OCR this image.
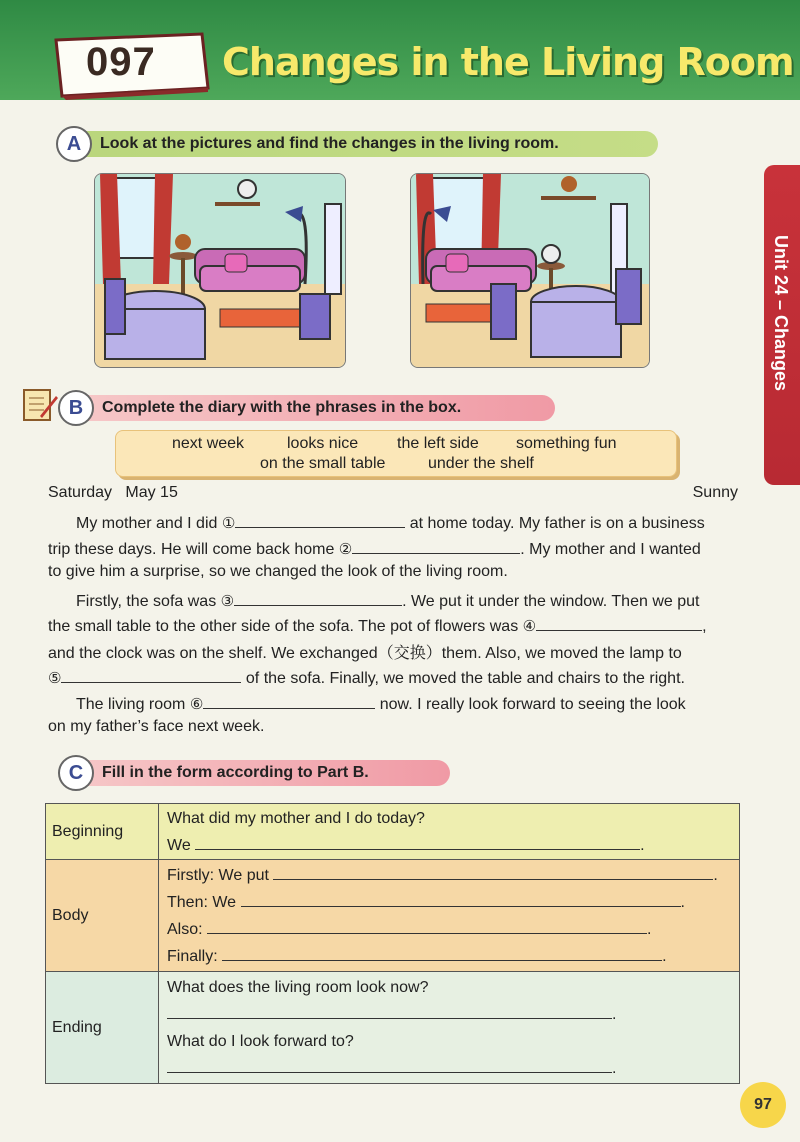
097 Changes in the Living Room
Unit 24 – Changes
A	Look at the pictures and find the changes in the living room.
B	Complete the diary with the phrases in the box.
next week	looks nice the left side something fun
on the small table	under the shelf
Saturday   May 15	Sunny
My mother and I did ①	at home today. My father is on a business
trip these days. He will come back home ②	. My mother and I wanted
to give him a surprise, so we changed the look of the living room.
Firstly, the sofa was ③	. We put it under the window. Then we put
the small table to the other side of the sofa. The pot of flowers was ④	,
and the clock was on the shelf. We exchanged（交换）them. Also, we moved the lamp to
⑤	of the sofa. Finally, we moved the table and chairs to the right.
The living room ⑥	now. I really look forward to seeing the look
on my father’s face next week.
C	Fill in the form according to Part B.
Beginning	What did my mother and I do today?
We .

Body	Firstly: We put .
Then: We .
Also: .
Finally: .

Ending	What does the living room look now?
.
What do I look forward to?
.
97
